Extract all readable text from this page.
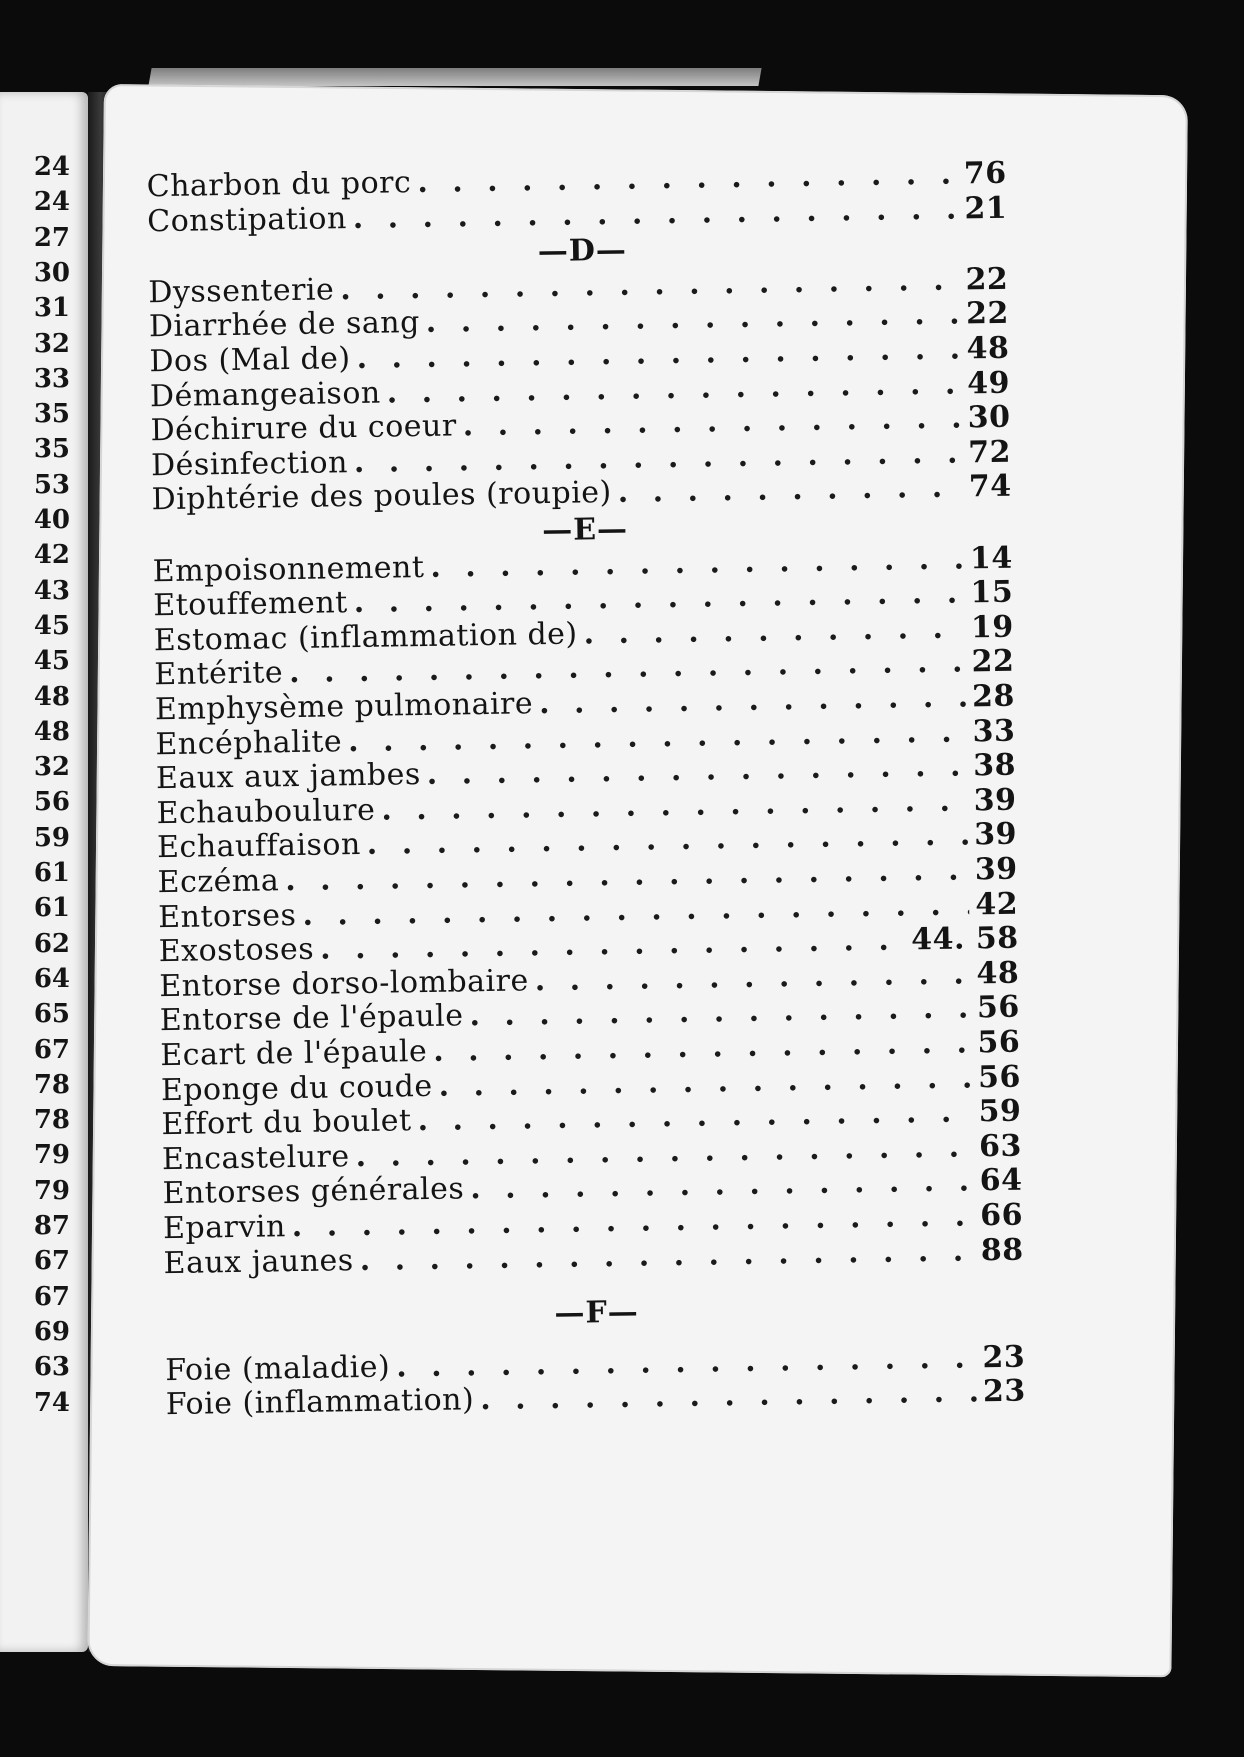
24
24
27
30
31
32
33
35
35
53
40
42
43
45
45
48
48
32
56
59
61
61
62
64
65
67
78
78
79
79
87
67
67
69
63
74
Charbon du porc . . .	76
Constipation . . .	21
—D—
Dyssenterie . . .	22
Diarrhée de sang . . .	22
Dos (Mal de) . . .	48
Démangeaison . . .	49
Déchirure du coeur . . .	30
Désinfection . . .	72
Diphtérie des poules (roupie) . . .	74
—E—
Empoisonnement . . .	14
Etouffement . . .	15
Estomac (inflammation de) . . .	19
Entérite . . .	22
Emphysème pulmonaire . . .	28
Encéphalite . . .	33
Eaux aux jambes . . .	38
Echauboulure . . .	39
Echauffaison . . .	39
Eczéma . . .	39
Entorses . . .	42
Exostoses . . .	44. 58
Entorse dorso-lombaire . . .	48
Entorse de l'épaule . . .	56
Ecart de l'épaule . . .	56
Eponge du coude . . .	56
Effort du boulet . . .	59
Encastelure . . .	63
Entorses générales . . .	64
Eparvin . . .	66
Eaux jaunes . . .	88
—F—
Foie (maladie) . . .	23
Foie (inflammation) . . .	23
